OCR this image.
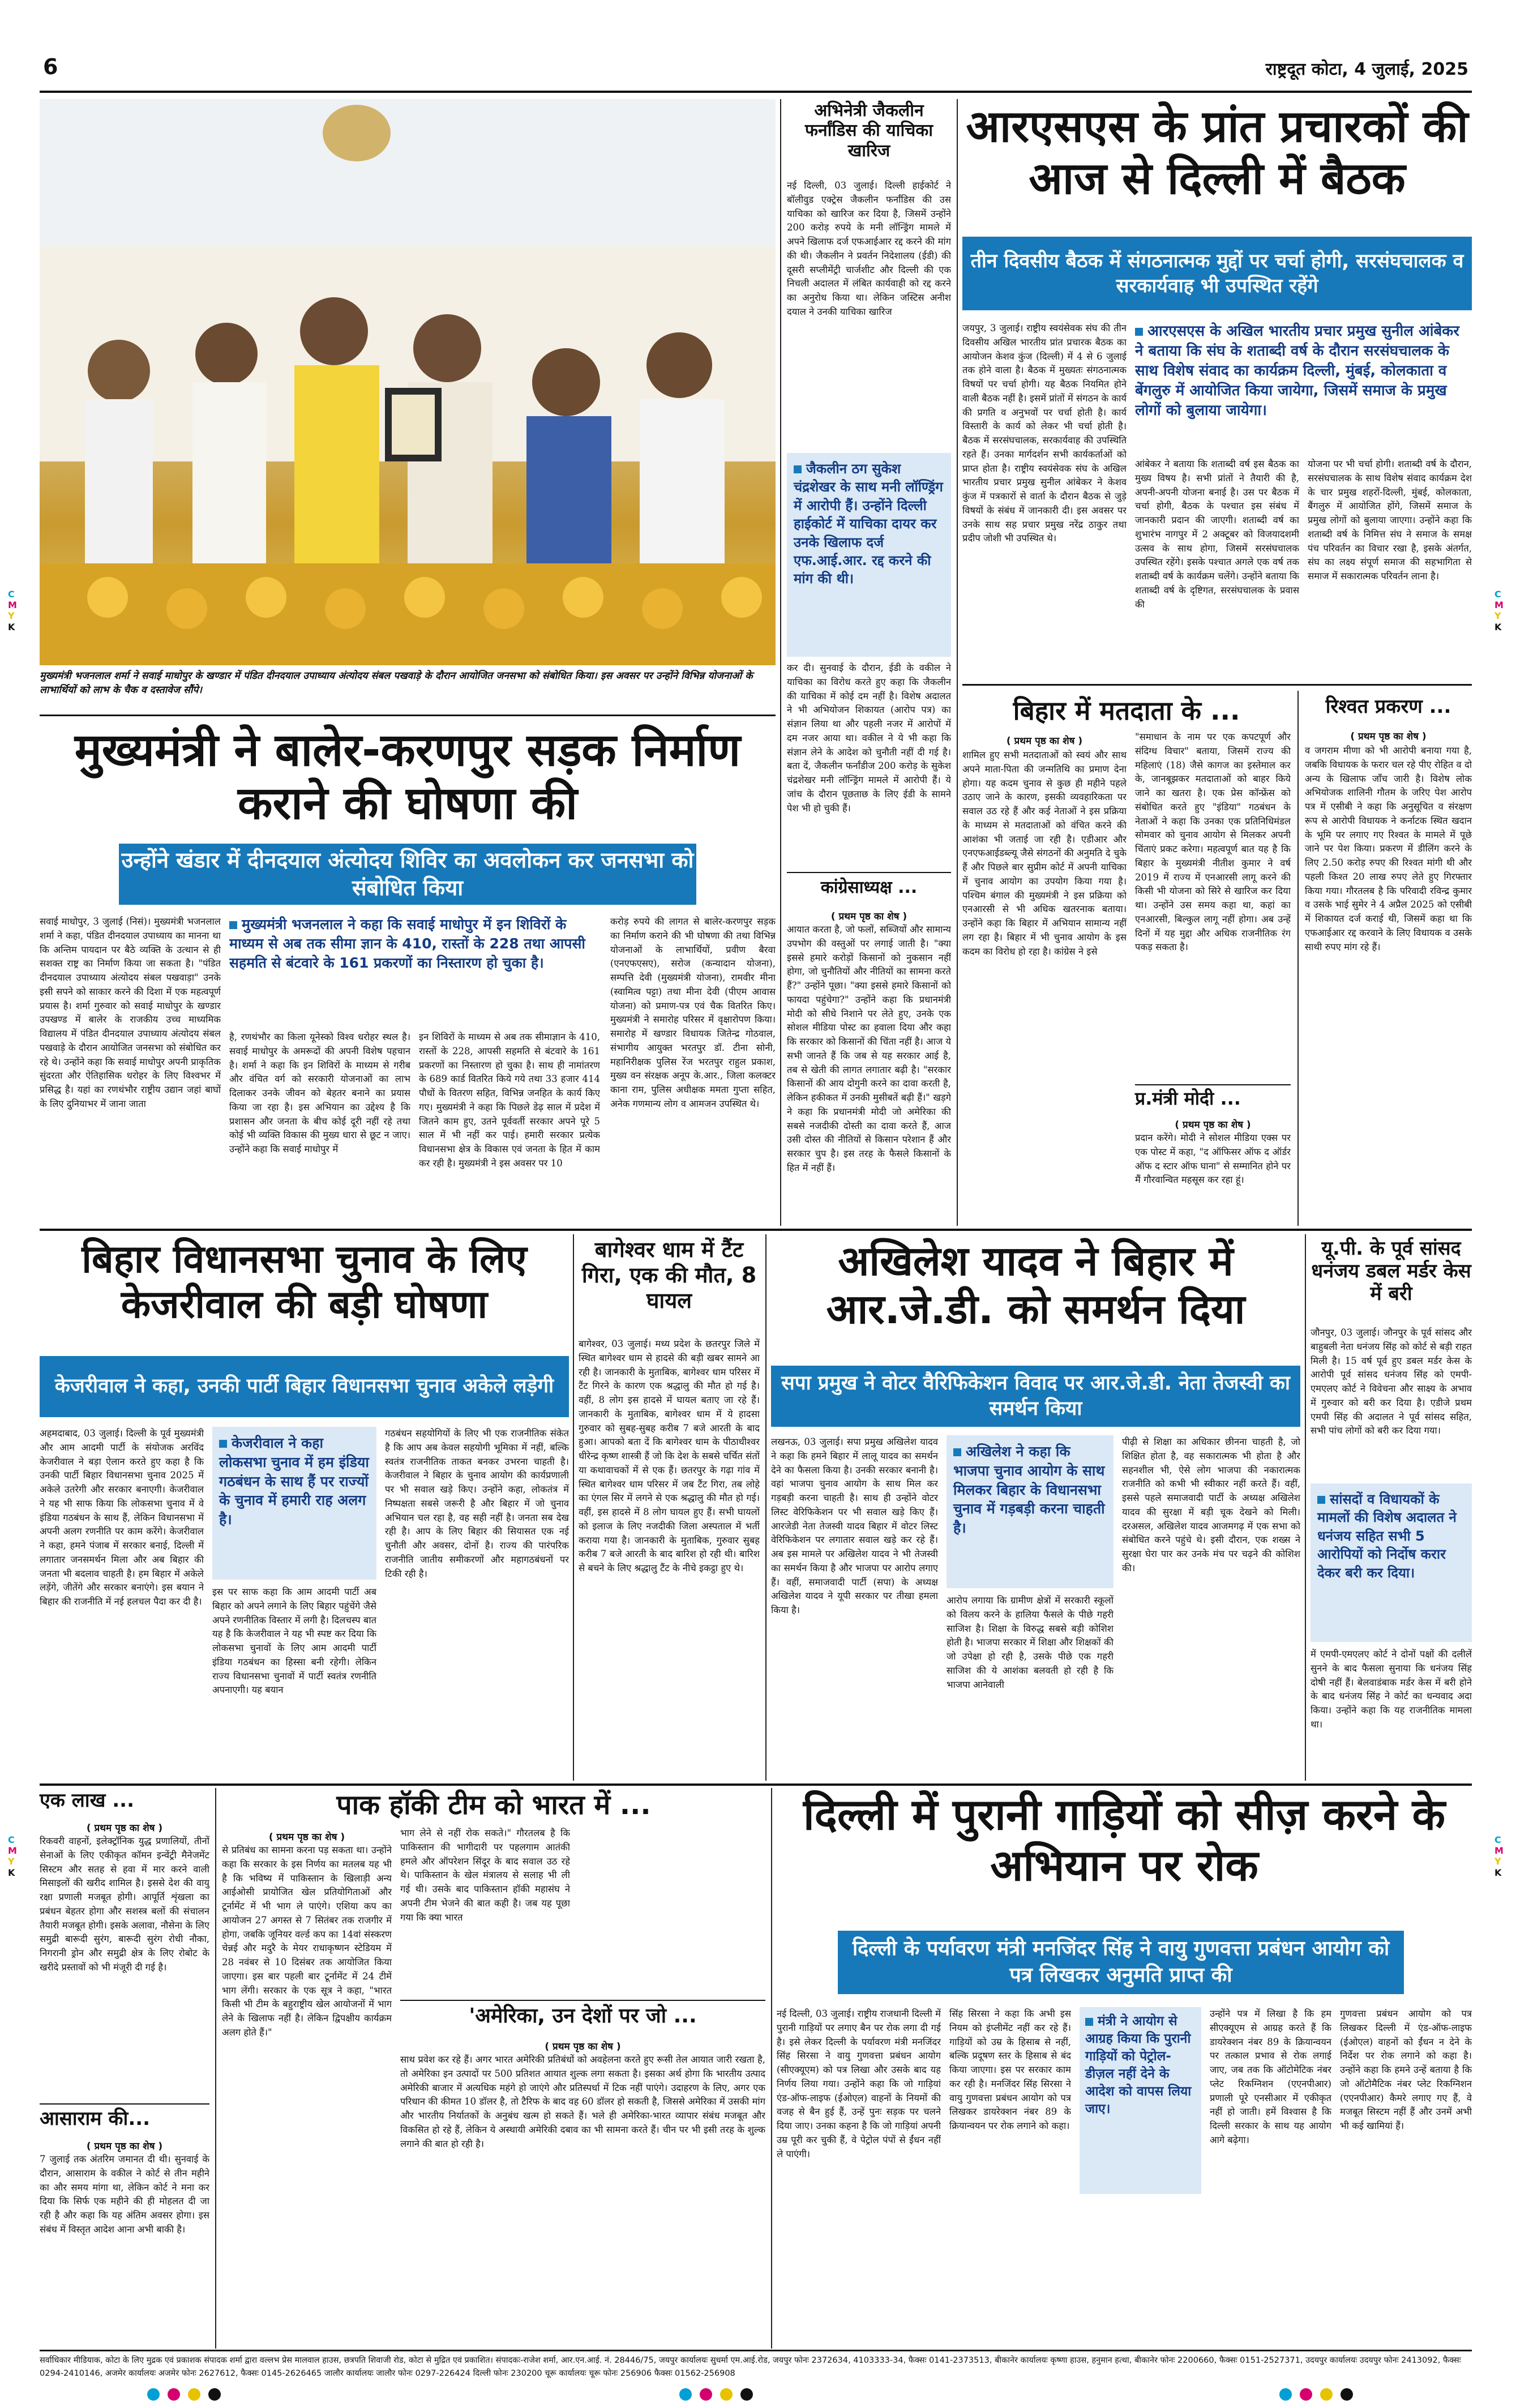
6	राष्ट्रदूत कोटा, 4 जुलाई, 2025
C
M
Y
K
C
M
Y
K
C
M
Y
K
C
M
Y
K
मुख्यमंत्री भजनलाल शर्मा ने सवाई माधोपुर के खण्डार में पंडित दीनदयाल उपाध्याय अंत्योदय संबल पखवाड़े के दौरान आयोजित जनसभा को संबोधित किया। इस अवसर पर उन्होंने विभिन्न योजनाओं के लाभार्थियों को लाभ के चैक व दस्तावेज सौंपे।
मुख्यमंत्री ने बालेर-करणपुर सड़क निर्माण कराने की घोषणा की
उन्होंने खंडार में दीनदयाल अंत्योदय शिविर का अवलोकन कर जनसभा को संबोधित किया
सवाई माधोपुर, 3 जुलाई (निसं)। मुख्यमंत्री भजनलाल शर्मा ने कहा, पंडित दीनदयाल उपाध्याय का मानना था कि अन्तिम पायदान पर बैठे व्यक्ति के उत्थान से ही सशक्त राष्ट्र का निर्माण किया जा सकता है। "पंडित दीनदयाल उपाध्याय अंत्योदय संबल पखवाड़ा" उनके इसी सपने को साकार करने की दिशा में एक महत्वपूर्ण प्रयास है। शर्मा गुरुवार को सवाई माधोपुर के खण्डार उपखण्ड में बालेर के राजकीय उच्च माध्यमिक विद्यालय में पंडित दीनदयाल उपाध्याय अंत्योदय संबल पखवाड़े के दौरान आयोजित जनसभा को संबोधित कर रहे थे। उन्होंने कहा कि सवाई माधोपुर अपनी प्राकृतिक सुंदरता और ऐतिहासिक धरोहर के लिए विश्वभर में प्रसिद्ध है। यहां का रणथंभौर राष्ट्रीय उद्यान जहां बाघों के लिए दुनियाभर में जाना जाता
मुख्यमंत्री भजनलाल ने कहा कि सवाई माधोपुर में इन शिविरों के माध्यम से अब तक सीमा ज्ञान के 410, रास्तों के 228 तथा आपसी सहमति से बंटवारे के 161 प्रकरणों का निस्तारण हो चुका है।
है, रणथंभौर का किला यूनेस्को विश्व धरोहर स्थल है। सवाई माधोपुर के अमरूदों की अपनी विशेष पहचान है। शर्मा ने कहा कि इन शिविरों के माध्यम से गरीब और वंचित वर्ग को सरकारी योजनाओं का लाभ दिलाकर उनके जीवन को बेहतर बनाने का प्रयास किया जा रहा है। इस अभियान का उद्देश्य है कि प्रशासन और जनता के बीच कोई दूरी नहीं रहे तथा कोई भी व्यक्ति विकास की मुख्य धारा से छूट न जाए। उन्होंने कहा कि सवाई माधोपुर में
इन शिविरों के माध्यम से अब तक सीमाज्ञान के 410, रास्तों के 228, आपसी सहमति से बंटवारे के 161 प्रकरणों का निस्तारण हो चुका है। साथ ही नामांतरण के 689 कार्ड वितरित किये गये तथा 33 हजार 414 पौधों के वितरण सहित, विभिन्न जनहित के कार्य किए गए। मुख्यमंत्री ने कहा कि पिछले डेढ़ साल में प्रदेश में जितने काम हुए, उतने पूर्ववर्ती सरकार अपने पूरे 5 साल में भी नहीं कर पाई। हमारी सरकार प्रत्येक विधानसभा क्षेत्र के विकास एवं जनता के हित में काम कर रही है। मुख्यमंत्री ने इस अवसर पर 10
करोड़ रुपये की लागत से बालेर-करणपुर सड़क का निर्माण कराने की भी घोषणा की तथा विभिन्न योजनाओं के लाभार्थियों, प्रवीण बैरवा (एनएफएसए), सरोज (कन्यादान योजना), सम्पत्ति देवी (मुख्यमंत्री योजना), रामवीर मीना (स्वामित्व पट्टा) तथा मीना देवी (पीएम आवास योजना) को प्रमाण-पत्र एवं चैक वितरित किए। मुख्यमंत्री ने समारोह परिसर में वृक्षारोपण किया। समारोह में खण्डार विधायक जितेन्द्र गोठवाल, संभागीय आयुक्त भरतपुर डॉ. टीना सोनी, महानिरीक्षक पुलिस रेंज भरतपुर राहुल प्रकाश, मुख्य वन संरक्षक अनूप के.आर., जिला कलक्टर काना राम, पुलिस अधीक्षक ममता गुप्ता सहित, अनेक गणमान्य लोग व आमजन उपस्थित थे।
अभिनेत्री जैकलीन फर्नांडिस की याचिका खारिज
नई दिल्ली, 03 जुलाई। दिल्ली हाईकोर्ट ने बॉलीवुड एक्ट्रेस जैकलीन फर्नांडिस की उस याचिका को खारिज कर दिया है, जिसमें उन्होंने 200 करोड़ रुपये के मनी लॉन्ड्रिंग मामले में अपने खिलाफ दर्ज एफआईआर रद्द करने की मांग की थी। जैकलीन ने प्रवर्तन निदेशालय (ईडी) की दूसरी सप्लीमेंट्री चार्जशीट और दिल्ली की एक निचली अदालत में लंबित कार्यवाही को रद्द करने का अनुरोध किया था। लेकिन जस्टिस अनीश दयाल ने उनकी याचिका खारिज
जैकलीन ठग सुकेश चंद्रशेखर के साथ मनी लॉण्ड्रिंग में आरोपी हैं। उन्होंने दिल्ली हाईकोर्ट में याचिका दायर कर उनके खिलाफ दर्ज एफ.आई.आर. रद्द करने की मांग की थी।
कर दी। सुनवाई के दौरान, ईडी के वकील ने याचिका का विरोध करते हुए कहा कि जैकलीन की याचिका में कोई दम नहीं है। विशेष अदालत ने भी अभियोजन शिकायत (आरोप पत्र) का संज्ञान लिया था और पहली नजर में आरोपों में दम नजर आया था। वकील ने ये भी कहा कि संज्ञान लेने के आदेश को चुनौती नहीं दी गई है। बता दें, जैकलीन फर्नांडीज 200 करोड़ के सुकेश चंद्रशेखर मनी लॉन्ड्रिंग मामले में आरोपी हैं। ये जांच के दौरान पूछताछ के लिए ईडी के सामने पेश भी हो चुकी हैं।
कांग्रेसाध्यक्ष ...
( प्रथम पृष्ठ का शेष )
आयात करता है, जो फलों, सब्जियों और सामान्य उपभोग की वस्तुओं पर लगाई जाती है। "क्या इससे हमारे करोड़ों किसानों को नुकसान नहीं होगा, जो चुनौतियों और नीतियों का सामना करते हैं?" उन्होंने पूछा। "क्या इससे हमारे किसानों को फायदा पहुंचेगा?" उन्होंने कहा कि प्रधानमंत्री मोदी को सीधे निशाने पर लेते हुए, उनके एक सोशल मीडिया पोस्ट का हवाला दिया और कहा कि सरकार को किसानों की चिंता नहीं है। आज ये सभी जानते हैं कि जब से यह सरकार आई है, तब से खेती की लागत लगातार बढ़ी है। "सरकार किसानों की आय दोगुनी करने का दावा करती है, लेकिन हकीकत में उनकी मुसीबतें बढ़ी हैं।" खड़गे ने कहा कि प्रधानमंत्री मोदी जो अमेरिका की सबसे नजदीकी दोस्ती का दावा करते हैं, आज उसी दोस्त की नीतियों से किसान परेशान हैं और सरकार चुप है। इस तरह के फैसले किसानों के हित में नहीं हैं।
आरएसएस के प्रांत प्रचारकों की आज से दिल्ली में बैठक
तीन दिवसीय बैठक में संगठनात्मक मुद्दों पर चर्चा होगी, सरसंघचालक व सरकार्यवाह भी उपस्थित रहेंगे
जयपुर, 3 जुलाई। राष्ट्रीय स्वयंसेवक संघ की तीन दिवसीय अखिल भारतीय प्रांत प्रचारक बैठक का आयोजन केशव कुंज (दिल्ली) में 4 से 6 जुलाई तक होने वाला है। बैठक में मुख्यतः संगठनात्मक विषयों पर चर्चा होगी। यह बैठक नियमित होने वाली बैठक नहीं है। इसमें प्रांतों में संगठन के कार्य की प्रगति व अनुभवों पर चर्चा होती है। कार्य विस्तारी के कार्य को लेकर भी चर्चा होती है। बैठक में सरसंघचालक, सरकार्यवाह की उपस्थिति रहते हैं। उनका मार्गदर्शन सभी कार्यकर्ताओं को प्राप्त होता है। राष्ट्रीय स्वयंसेवक संघ के अखिल भारतीय प्रचार प्रमुख सुनील आंबेकर ने केशव कुंज में पत्रकारों से वार्ता के दौरान बैठक से जुड़े विषयों के संबंध में जानकारी दी। इस अवसर पर उनके साथ सह प्रचार प्रमुख नरेंद्र ठाकुर तथा प्रदीप जोशी भी उपस्थित थे।
आरएसएस के अखिल भारतीय प्रचार प्रमुख सुनील आंबेकर ने बताया कि संघ के शताब्दी वर्ष के दौरान सरसंघचालक के साथ विशेष संवाद का कार्यक्रम दिल्ली, मुंबई, कोलकाता व बेंगलुरु में आयोजित किया जायेगा, जिसमें समाज के प्रमुख लोगों को बुलाया जायेगा।
आंबेकर ने बताया कि शताब्दी वर्ष इस बैठक का मुख्य विषय है। सभी प्रांतों ने तैयारी की है, अपनी-अपनी योजना बनाई है। उस पर बैठक में चर्चा होगी, बैठक के पश्चात इस संबंध में जानकारी प्रदान की जाएगी। शताब्दी वर्ष का शुभारंभ नागपुर में 2 अक्टूबर को विजयादशमी उत्सव के साथ होगा, जिसमें सरसंघचालक उपस्थित रहेंगे। इसके पश्चात अगले एक वर्ष तक शताब्दी वर्ष के कार्यक्रम चलेंगे। उन्होंने बताया कि शताब्दी वर्ष के दृष्टिगत, सरसंघचालक के प्रवास की
योजना पर भी चर्चा होगी। शताब्दी वर्ष के दौरान, सरसंघचालक के साथ विशेष संवाद कार्यक्रम देश के चार प्रमुख शहरों-दिल्ली, मुंबई, कोलकाता, बैंगलुरु में आयोजित होंगे, जिसमें समाज के प्रमुख लोगों को बुलाया जाएगा। उन्होंने कहा कि शताब्दी वर्ष के निमित्त संघ ने समाज के समक्ष पंच परिवर्तन का विचार रखा है, इसके अंतर्गत, संघ का लक्ष्य संपूर्ण समाज की सहभागिता से समाज में सकारात्मक परिवर्तन लाना है।
बिहार में मतदाता के ...
( प्रथम पृष्ठ का शेष )
शामिल हुए सभी मतदाताओं को स्वयं और साथ अपने माता-पिता की जन्मतिथि का प्रमाण देना होगा। यह कदम चुनाव से कुछ ही महीने पहले उठाए जाने के कारण, इसकी व्यवहारिकता पर सवाल उठ रहे हैं और कई नेताओं ने इस प्रक्रिया के माध्यम से मतदाताओं को वंचित करने की आशंका भी जताई जा रही है। एडीआर और एनएफआईडब्ल्यू जैसे संगठनों की अनुमति दे चुके हैं और पिछले बार सुप्रीम कोर्ट में अपनी याचिका में चुनाव आयोग का उपयोग किया गया है। पश्चिम बंगाल की मुख्यमंत्री ने इस प्रक्रिया को एनआरसी से भी अधिक खतरनाक बताया। उन्होंने कहा कि बिहार में अभियान सामान्य नहीं लग रहा है। बिहार में भी चुनाव आयोग के इस कदम का विरोध हो रहा है। कांग्रेस ने इसे
"समाधान के नाम पर एक कपटपूर्ण और संदिग्ध विचार" बताया, जिसमें राज्य की महिलाएं (18) जैसे कागज का इस्तेमाल कर के, जानबूझकर मतदाताओं को बाहर किये जाने का खतरा है। एक प्रेस कॉन्फ्रेंस को संबोधित करते हुए "इंडिया" गठबंधन के नेताओं ने कहा कि उनका एक प्रतिनिधिमंडल सोमवार को चुनाव आयोग से मिलकर अपनी चिंताएं प्रकट करेगा। महत्वपूर्ण बात यह है कि बिहार के मुख्यमंत्री नीतीश कुमार ने वर्ष 2019 में राज्य में एनआरसी लागू करने की किसी भी योजना को सिरे से खारिज कर दिया था। उन्होंने उस समय कहा था, कहां का एनआरसी, बिल्कुल लागू नहीं होगा। अब उन्हें दिनों में यह मुद्दा और अधिक राजनीतिक रंग पकड़ सकता है।
प्र.मंत्री मोदी ...
( प्रथम पृष्ठ का शेष )
प्रदान करेंगे। मोदी ने सोशल मीडिया एक्स पर एक पोस्ट में कहा, "द ऑफिसर ऑफ द ऑर्डर ऑफ द स्टार ऑफ घाना" से सम्मानित होने पर मैं गौरवान्वित महसूस कर रहा हूं।
रिश्वत प्रकरण ...
( प्रथम पृष्ठ का शेष )
व जगराम मीणा को भी आरोपी बनाया गया है, जबकि विधायक के फरार चल रहे पीए रोहित व दो अन्य के खिलाफ जाँच जारी है। विशेष लोक अभियोजक शालिनी गौतम के जरिए पेश आरोप पत्र में एसीबी ने कहा कि अनुसूचित व संरक्षण रूप से आरोपी विधायक ने कर्नाटक स्थित खदान के भूमि पर लगाए गए रिश्वत के मामले में पूछे जाने पर पेश किया। प्रकरण में डीलिंग करने के लिए 2.50 करोड़ रुपए की रिश्वत मांगी थी और पहली किश्त 20 लाख रुपए लेते हुए गिरफ्तार किया गया। गौरतलब है कि परिवादी रविन्द्र कुमार व उसके भाई सुमेर ने 4 अप्रैल 2025 को एसीबी में शिकायत दर्ज कराई थी, जिसमें कहा था कि एफआईआर रद्द करवाने के लिए विधायक व उसके साथी रुपए मांग रहे हैं।
बिहार विधानसभा चुनाव के लिए केजरीवाल की बड़ी घोषणा
केजरीवाल ने कहा, उनकी पार्टी बिहार विधानसभा चुनाव अकेले लड़ेगी
अहमदाबाद, 03 जुलाई। दिल्ली के पूर्व मुख्यमंत्री और आम आदमी पार्टी के संयोजक अरविंद केजरीवाल ने बड़ा ऐलान करते हुए कहा है कि उनकी पार्टी बिहार विधानसभा चुनाव 2025 में अकेले उतरेगी और सरकार बनाएगी। केजरीवाल ने यह भी साफ किया कि लोकसभा चुनाव में वे इंडिया गठबंधन के साथ हैं, लेकिन विधानसभा में अपनी अलग रणनीति पर काम करेंगे। केजरीवाल ने कहा, हमने पंजाब में सरकार बनाई, दिल्ली में लगातार जनसमर्थन मिला और अब बिहार की जनता भी बदलाव चाहती है। हम बिहार में अकेले लड़ेंगे, जीतेंगे और सरकार बनाएंगे। इस बयान ने बिहार की राजनीति में नई हलचल पैदा कर दी है।
केजरीवाल ने कहा लोकसभा चुनाव में हम इंडिया गठबंधन के साथ हैं पर राज्यों के चुनाव में हमारी राह अलग है।
इस पर साफ कहा कि आम आदमी पार्टी अब बिहार को अपने लगाने के लिए बिहार पहुंचेंगे जैसे अपने रणनीतिक विस्तार में लगी है। दिलचस्प बात यह है कि केजरीवाल ने यह भी स्पष्ट कर दिया कि लोकसभा चुनावों के लिए आम आदमी पार्टी इंडिया गठबंधन का हिस्सा बनी रहेगी। लेकिन राज्य विधानसभा चुनावों में पार्टी स्वतंत्र रणनीति अपनाएगी। यह बयान
गठबंधन सहयोगियों के लिए भी एक राजनीतिक संकेत है कि आप अब केवल सहयोगी भूमिका में नहीं, बल्कि स्वतंत्र राजनीतिक ताकत बनकर उभरना चाहती है। केजरीवाल ने बिहार के चुनाव आयोग की कार्यप्रणाली पर भी सवाल खड़े किए। उन्होंने कहा, लोकतंत्र में निष्पक्षता सबसे जरूरी है और बिहार में जो चुनाव अभियान चल रहा है, वह सही नहीं है। जनता सब देख रही है। आप के लिए बिहार की सियासत एक नई चुनौती और अवसर, दोनों है। राज्य की पारंपरिक राजनीति जातीय समीकरणों और महागठबंधनों पर टिकी रही है।
बागेश्वर धाम में टैंट गिरा, एक की मौत, 8 घायल
बागेश्वर, 03 जुलाई। मध्य प्रदेश के छतरपुर जिले में स्थित बागेश्वर धाम से हादसे की बड़ी खबर सामने आ रही है। जानकारी के मुताबिक, बागेश्वर धाम परिसर में टैंट गिरने के कारण एक श्रद्धालु की मौत हो गई है। वहीं, 8 लोग इस हादसे में घायल बताए जा रहे हैं। जानकारी के मुताबिक, बागेश्वर धाम में ये हादसा गुरुवार को सुबह-सुबह करीब 7 बजे आरती के बाद हुआ। आपको बता दें कि बागेश्वर धाम के पीठाधीश्वर धीरेन्द्र कृष्ण शास्त्री हैं जो कि देश के सबसे चर्चित संतों या कथावाचकों में से एक हैं। छतरपुर के गढ़ा गांव में स्थित बागेश्वर धाम परिसर में जब टैंट गिरा, तब लोहे का एंगल सिर में लगने से एक श्रद्धालु की मौत हो गई। वहीं, इस हादसे में 8 लोग घायल हुए हैं। सभी घायलों को इलाज के लिए नजदीकी जिला अस्पताल में भर्ती कराया गया है। जानकारी के मुताबिक, गुरुवार सुबह करीब 7 बजे आरती के बाद बारिश हो रही थी। बारिश से बचने के लिए श्रद्धालु टैंट के नीचे इकट्ठा हुए थे।
अखिलेश यादव ने बिहार में आर.जे.डी. को समर्थन दिया
सपा प्रमुख ने वोटर वैरिफिकेशन विवाद पर आर.जे.डी. नेता तेजस्वी का समर्थन किया
लखनऊ, 03 जुलाई। सपा प्रमुख अखिलेश यादव ने कहा कि हमने बिहार में लालू यादव का समर्थन देने का फैसला किया है। उनकी सरकार बनानी है। वहां भाजपा चुनाव आयोग के साथ मिल कर गड़बड़ी करना चाहती है। साथ ही उन्होंने वोटर लिस्ट वेरिफिकेशन पर भी सवाल खड़े किए हैं। आरजेडी नेता तेजस्वी यादव बिहार में वोटर लिस्ट वेरिफिकेशन पर लगातार सवाल खड़े कर रहे हैं। अब इस मामले पर अखिलेश यादव ने भी तेजस्वी का समर्थन किया है और भाजपा पर आरोप लगाए हैं। वहीं, समाजवादी पार्टी (सपा) के अध्यक्ष अखिलेश यादव ने यूपी सरकार पर तीखा हमला किया है।
अखिलेश ने कहा कि भाजपा चुनाव आयोग के साथ मिलकर बिहार के विधानसभा चुनाव में गड़बड़ी करना चाहती है।
आरोप लगाया कि ग्रामीण क्षेत्रों में सरकारी स्कूलों को विलय करने के हालिया फैसले के पीछे गहरी साजिश है। शिक्षा के विरुद्ध सबसे बड़ी कोशिश होती है। भाजपा सरकार में शिक्षा और शिक्षकों की जो उपेक्षा हो रही है, उसके पीछे एक गहरी साजिश की ये आशंका बलवती हो रही है कि भाजपा आनेवाली
पीढ़ी से शिक्षा का अधिकार छीनना चाहती है, जो शिक्षित होता है, वह सकारात्मक भी होता है और सहनशील भी, ऐसे लोग भाजपा की नकारात्मक राजनीति को कभी भी स्वीकार नहीं करते हैं। वहीं, इससे पहले समाजवादी पार्टी के अध्यक्ष अखिलेश यादव की सुरक्षा में बड़ी चूक देखने को मिली। दरअसल, अखिलेश यादव आजमगढ़ में एक सभा को संबोधित करने पहुंचे थे। इसी दौरान, एक शख्स ने सुरक्षा घेरा पार कर उनके मंच पर चढ़ने की कोशिश की।
यू.पी. के पूर्व सांसद धनंजय डबल मर्डर केस में बरी
जौनपुर, 03 जुलाई। जौनपुर के पूर्व सांसद और बाहुबली नेता धनंजय सिंह को कोर्ट से बड़ी राहत मिली है। 15 वर्ष पूर्व हुए डबल मर्डर केस के आरोपी पूर्व सांसद धनंजय सिंह को एमपी-एमएलए कोर्ट ने विवेचना और साक्ष्य के अभाव में गुरुवार को बरी कर दिया है। एडीजे प्रथम एमपी सिंह की अदालत ने पूर्व सांसद सहित, सभी पांच लोगों को बरी कर दिया गया।
सांसदों व विधायकों के मामलों की विशेष अदालत ने धनंजय सहित सभी 5 आरोपियों को निर्दोष करार देकर बरी कर दिया।
में एमपी-एमएलए कोर्ट ने दोनों पक्षों की दलीलें सुनने के बाद फैसला सुनाया कि धनंजय सिंह दोषी नहीं हैं। बेलवाडंबाक मर्डर केस में बरी होने के बाद धनंजय सिंह ने कोर्ट का धन्यवाद अदा किया। उन्होंने कहा कि यह राजनीतिक मामला था।
एक लाख ...
( प्रथम पृष्ठ का शेष )
रिकवरी वाहनों, इलेक्ट्रॉनिक युद्ध प्रणालियों, तीनों सेनाओं के लिए एकीकृत कॉमन इन्वेंट्री मैनेजमेंट सिस्टम और सतह से हवा में मार करने वाली मिसाइलों की खरीद शामिल है। इससे देश की वायु रक्षा प्रणाली मजबूत होगी। आपूर्ति शृंखला का प्रबंधन बेहतर होगा और सशस्त्र बलों की संचालन तैयारी मजबूत होगी। इसके अलावा, नौसेना के लिए समुद्री बारूदी सुरंग, बारूदी सुरंग रोधी नौका, निगरानी ड्रोन और समुद्री क्षेत्र के लिए रोबोट के खरीदे प्रस्तावों को भी मंजूरी दी गई है।
आसाराम की...
( प्रथम पृष्ठ का शेष )
7 जुलाई तक अंतरिम जमानत दी थी। सुनवाई के दौरान, आसाराम के वकील ने कोर्ट से तीन महीने का और समय मांगा था, लेकिन कोर्ट ने मना कर दिया कि सिर्फ एक महीने की ही मोहलत दी जा रही है और कहा कि यह अंतिम अवसर होगा। इस संबंध में विस्तृत आदेश आना अभी बाकी है।
पाक हॉकी टीम को भारत में ...
( प्रथम पृष्ठ का शेष )
से प्रतिबंध का सामना करना पड़ सकता था। उन्होंने कहा कि सरकार के इस निर्णय का मतलब यह भी है कि भविष्य में पाकिस्तान के खिलाड़ी अन्य आईओसी प्रायोजित खेल प्रतियोगिताओं और टूर्नामेंट में भी भाग ले पाएंगे। एशिया कप का आयोजन 27 अगस्त से 7 सितंबर तक राजगीर में होगा, जबकि जूनियर वर्ल्ड कप का 14वां संस्करण चेन्नई और मदुरै के मेयर राधाकृष्णन स्टेडियम में 28 नवंबर से 10 दिसंबर तक आयोजित किया जाएगा। इस बार पहली बार टूर्नामेंट में 24 टीमें भाग लेंगी। सरकार के एक सूत्र ने कहा, "भारत किसी भी टीम के बहुराष्ट्रीय खेल आयोजनों में भाग लेने के खिलाफ नहीं है। लेकिन द्विपक्षीय कार्यक्रम अलग होते हैं।"
भाग लेने से नहीं रोक सकते।" गौरतलब है कि पाकिस्तान की भागीदारी पर पहलगाम आतंकी हमले और ऑपरेशन सिंदूर के बाद सवाल उठ रहे थे। पाकिस्तान के खेल मंत्रालय से सलाह भी ली गई थी। उसके बाद पाकिस्तान हॉकी महासंघ ने अपनी टीम भेजने की बात कही है। जब यह पूछा गया कि क्या भारत
'अमेरिका, उन देशों पर जो ...
( प्रथम पृष्ठ का शेष )
साथ प्रवेश कर रहे हैं। अगर भारत अमेरिकी प्रतिबंधों को अवहेलना करते हुए रूसी तेल आयात जारी रखता है, तो अमेरिका इन उत्पादों पर 500 प्रतिशत आयात शुल्क लगा सकता है। इसका अर्थ होगा कि भारतीय उत्पाद अमेरिकी बाजार में अत्यधिक महंगे हो जाएंगे और प्रतिस्पर्धा में टिक नहीं पाएंगे। उदाहरण के लिए, अगर एक परिधान की कीमत 10 डॉलर है, तो टैरिफ के बाद वह 60 डॉलर हो सकती है, जिससे अमेरिका में उसकी मांग और भारतीय निर्यातकों के अनुबंध खत्म हो सकते हैं। भले ही अमेरिका-भारत व्यापार संबंध मजबूत और विकसित हो रहे हैं, लेकिन ये अस्थायी अमेरिकी दबाव का भी सामना करते हैं। चीन पर भी इसी तरह के शुल्क लगाने की बात हो रही है।
दिल्ली में पुरानी गाड़ियों को सीज़ करने के अभियान पर रोक
दिल्ली के पर्यावरण मंत्री मनजिंदर सिंह ने वायु गुणवत्ता प्रबंधन आयोग को पत्र लिखकर अनुमति प्राप्त की
नई दिल्ली, 03 जुलाई। राष्ट्रीय राजधानी दिल्ली में पुरानी गाड़ियों पर लगाए बैन पर रोक लगा दी गई है। इसे लेकर दिल्ली के पर्यावरण मंत्री मनजिंदर सिंह सिरसा ने वायु गुणवत्ता प्रबंधन आयोग (सीएक्यूएम) को पत्र लिखा और उसके बाद यह निर्णय लिया गया। उन्होंने कहा कि जो गाड़ियां एंड-ऑफ-लाइफ (ईओएल) वाहनों के नियमों की वजह से बैन हुई हैं, उन्हें पुनः सड़क पर चलने दिया जाए। उनका कहना है कि जो गाड़ियां अपनी उम्र पूरी कर चुकी हैं, वे पेट्रोल पंपों से ईंधन नहीं ले पाएंगी।
सिंह सिरसा ने कहा कि अभी इस नियम को इंप्लीमेंट नहीं कर रहे हैं। गाड़ियों को उम्र के हिसाब से नहीं, बल्कि प्रदूषण स्तर के हिसाब से बंद किया जाएगा। इस पर सरकार काम कर रही है। मनजिंदर सिंह सिरसा ने वायु गुणवत्ता प्रबंधन आयोग को पत्र लिखकर डायरेक्शन नंबर 89 के क्रियान्वयन पर रोक लगाने को कहा।
मंत्री ने आयोग से आग्रह किया कि पुरानी गाड़ियों को पेट्रोल-डीज़ल नहीं देने के आदेश को वापस लिया जाए।
उन्होंने पत्र में लिखा है कि हम सीएक्यूएम से आग्रह करते हैं कि डायरेक्शन नंबर 89 के क्रियान्वयन पर तत्काल प्रभाव से रोक लगाई जाए, जब तक कि ऑटोमेटिक नंबर प्लेट रिकग्निशन (एएनपीआर) प्रणाली पूरे एनसीआर में एकीकृत नहीं हो जाती। हमें विश्वास है कि दिल्ली सरकार के साथ यह आयोग आगे बढ़ेगा।
गुणवत्ता प्रबंधन आयोग को पत्र लिखकर दिल्ली में एंड-ऑफ-लाइफ (ईओएल) वाहनों को ईंधन न देने के निर्देश पर रोक लगाने को कहा है। उन्होंने कहा कि हमने उन्हें बताया है कि जो ऑटोमैटिक नंबर प्लेट रिकग्निशन (एएनपीआर) कैमरे लगाए गए हैं, वे मजबूत सिस्टम नहीं हैं और उनमें अभी भी कई खामियां हैं।
सर्वाधिकार मीडियाक, कोटा के लिए मुद्रक एवं प्रकाशक संपादक शर्मा द्वारा वल्लभ प्रेस मालवाल हाउस, छत्रपति शिवाजी रोड, कोटा से मुद्रित एवं प्रकाशित। संपादकः-राजेश शर्मा, आर.एन.आई. नं. 28446/75, जयपुर कार्यालयः सुधर्मा एम.आई.रोड, जयपुर फोनः 2372634, 4103333-34, फैक्सः 0141-2373513, बीकानेर कार्यालयः कृष्णा हाउस, हनुमान हत्था, बीकानेर फोनः 2200660, फैक्सः 0151-2527371, उदयपुर कार्यालयः उदयपुर फोनः 2413092, फैक्सः 0294-2410146, अजमेर कार्यालयः अजमेर फोनः 2627612, फैक्सः 0145-2626465 जालौर कार्यालयः जालौर फोनः 0297-226424 दिल्ली फोनः 230200 चूरू कार्यालयः चूरू फोनः 256906 फैक्सः 01562-256908
